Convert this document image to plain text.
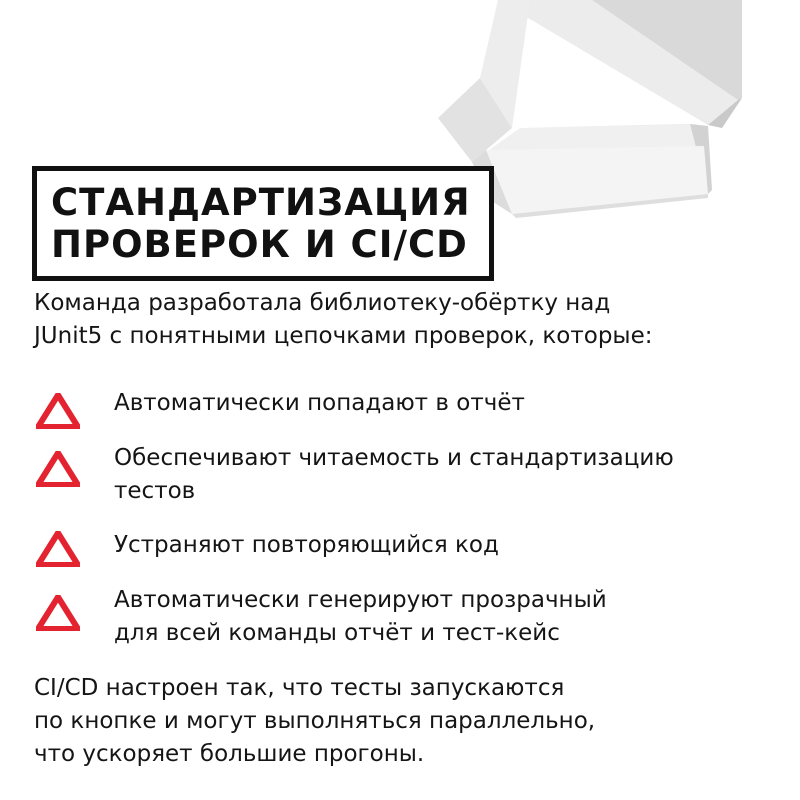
СТАНДАРТИЗАЦИЯ
ПРОВЕРОК И CI/CD
Команда разработала библиотеку-обёртку над
JUnit5 с понятными цепочками проверок, которые:
Автоматически попадают в отчёт
Обеспечивают читаемость и стандартизацию
тестов
Устраняют повторяющийся код
Автоматически генерируют прозрачный
для всей команды отчёт и тест-кейс
CI/CD настроен так, что тесты запускаются
по кнопке и могут выполняться параллельно,
что ускоряет большие прогоны.
